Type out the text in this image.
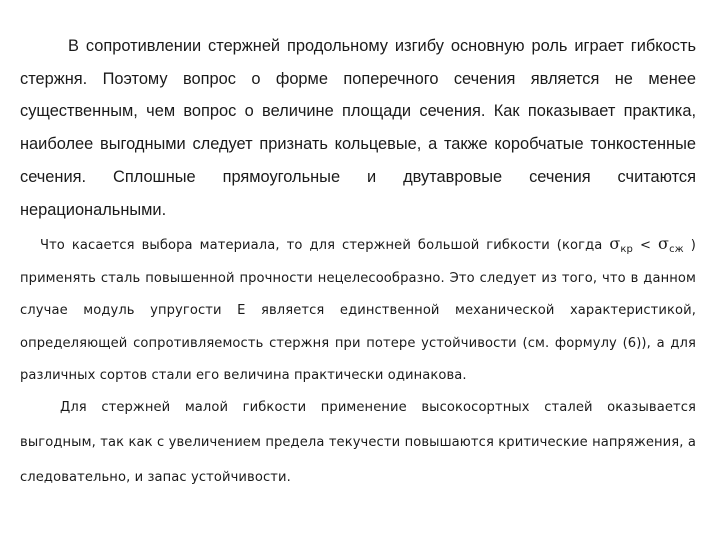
В сопротивлении стержней продольному изгибу основную роль играет гибкость стержня. Поэтому вопрос о форме поперечного сечения является не менее существенным, чем вопрос о величине площади сечения. Как показывает практика, наиболее выгодными следует признать кольцевые, а также коробчатые тонкостенные сечения. Сплошные прямоугольные и двутавровые сечения считаются нерациональными.

Что касается выбора материала, то для стержней большой гибкости (когда $\sigma_{кр} < \sigma_{сж}$ ) применять сталь повышенной прочности нецелесообразно. Это следует из того, что в данном случае модуль упругости E является единственной механической характеристикой, определяющей сопротивляемость стержня при потере устойчивости (см. формулу (6)), а для различных сортов стали его величина практически одинакова.

Для стержней малой гибкости применение высокосортных сталей оказывается выгодным, так как с увеличением предела текучести повышаются критические напряжения, а следовательно, и запас устойчивости.
